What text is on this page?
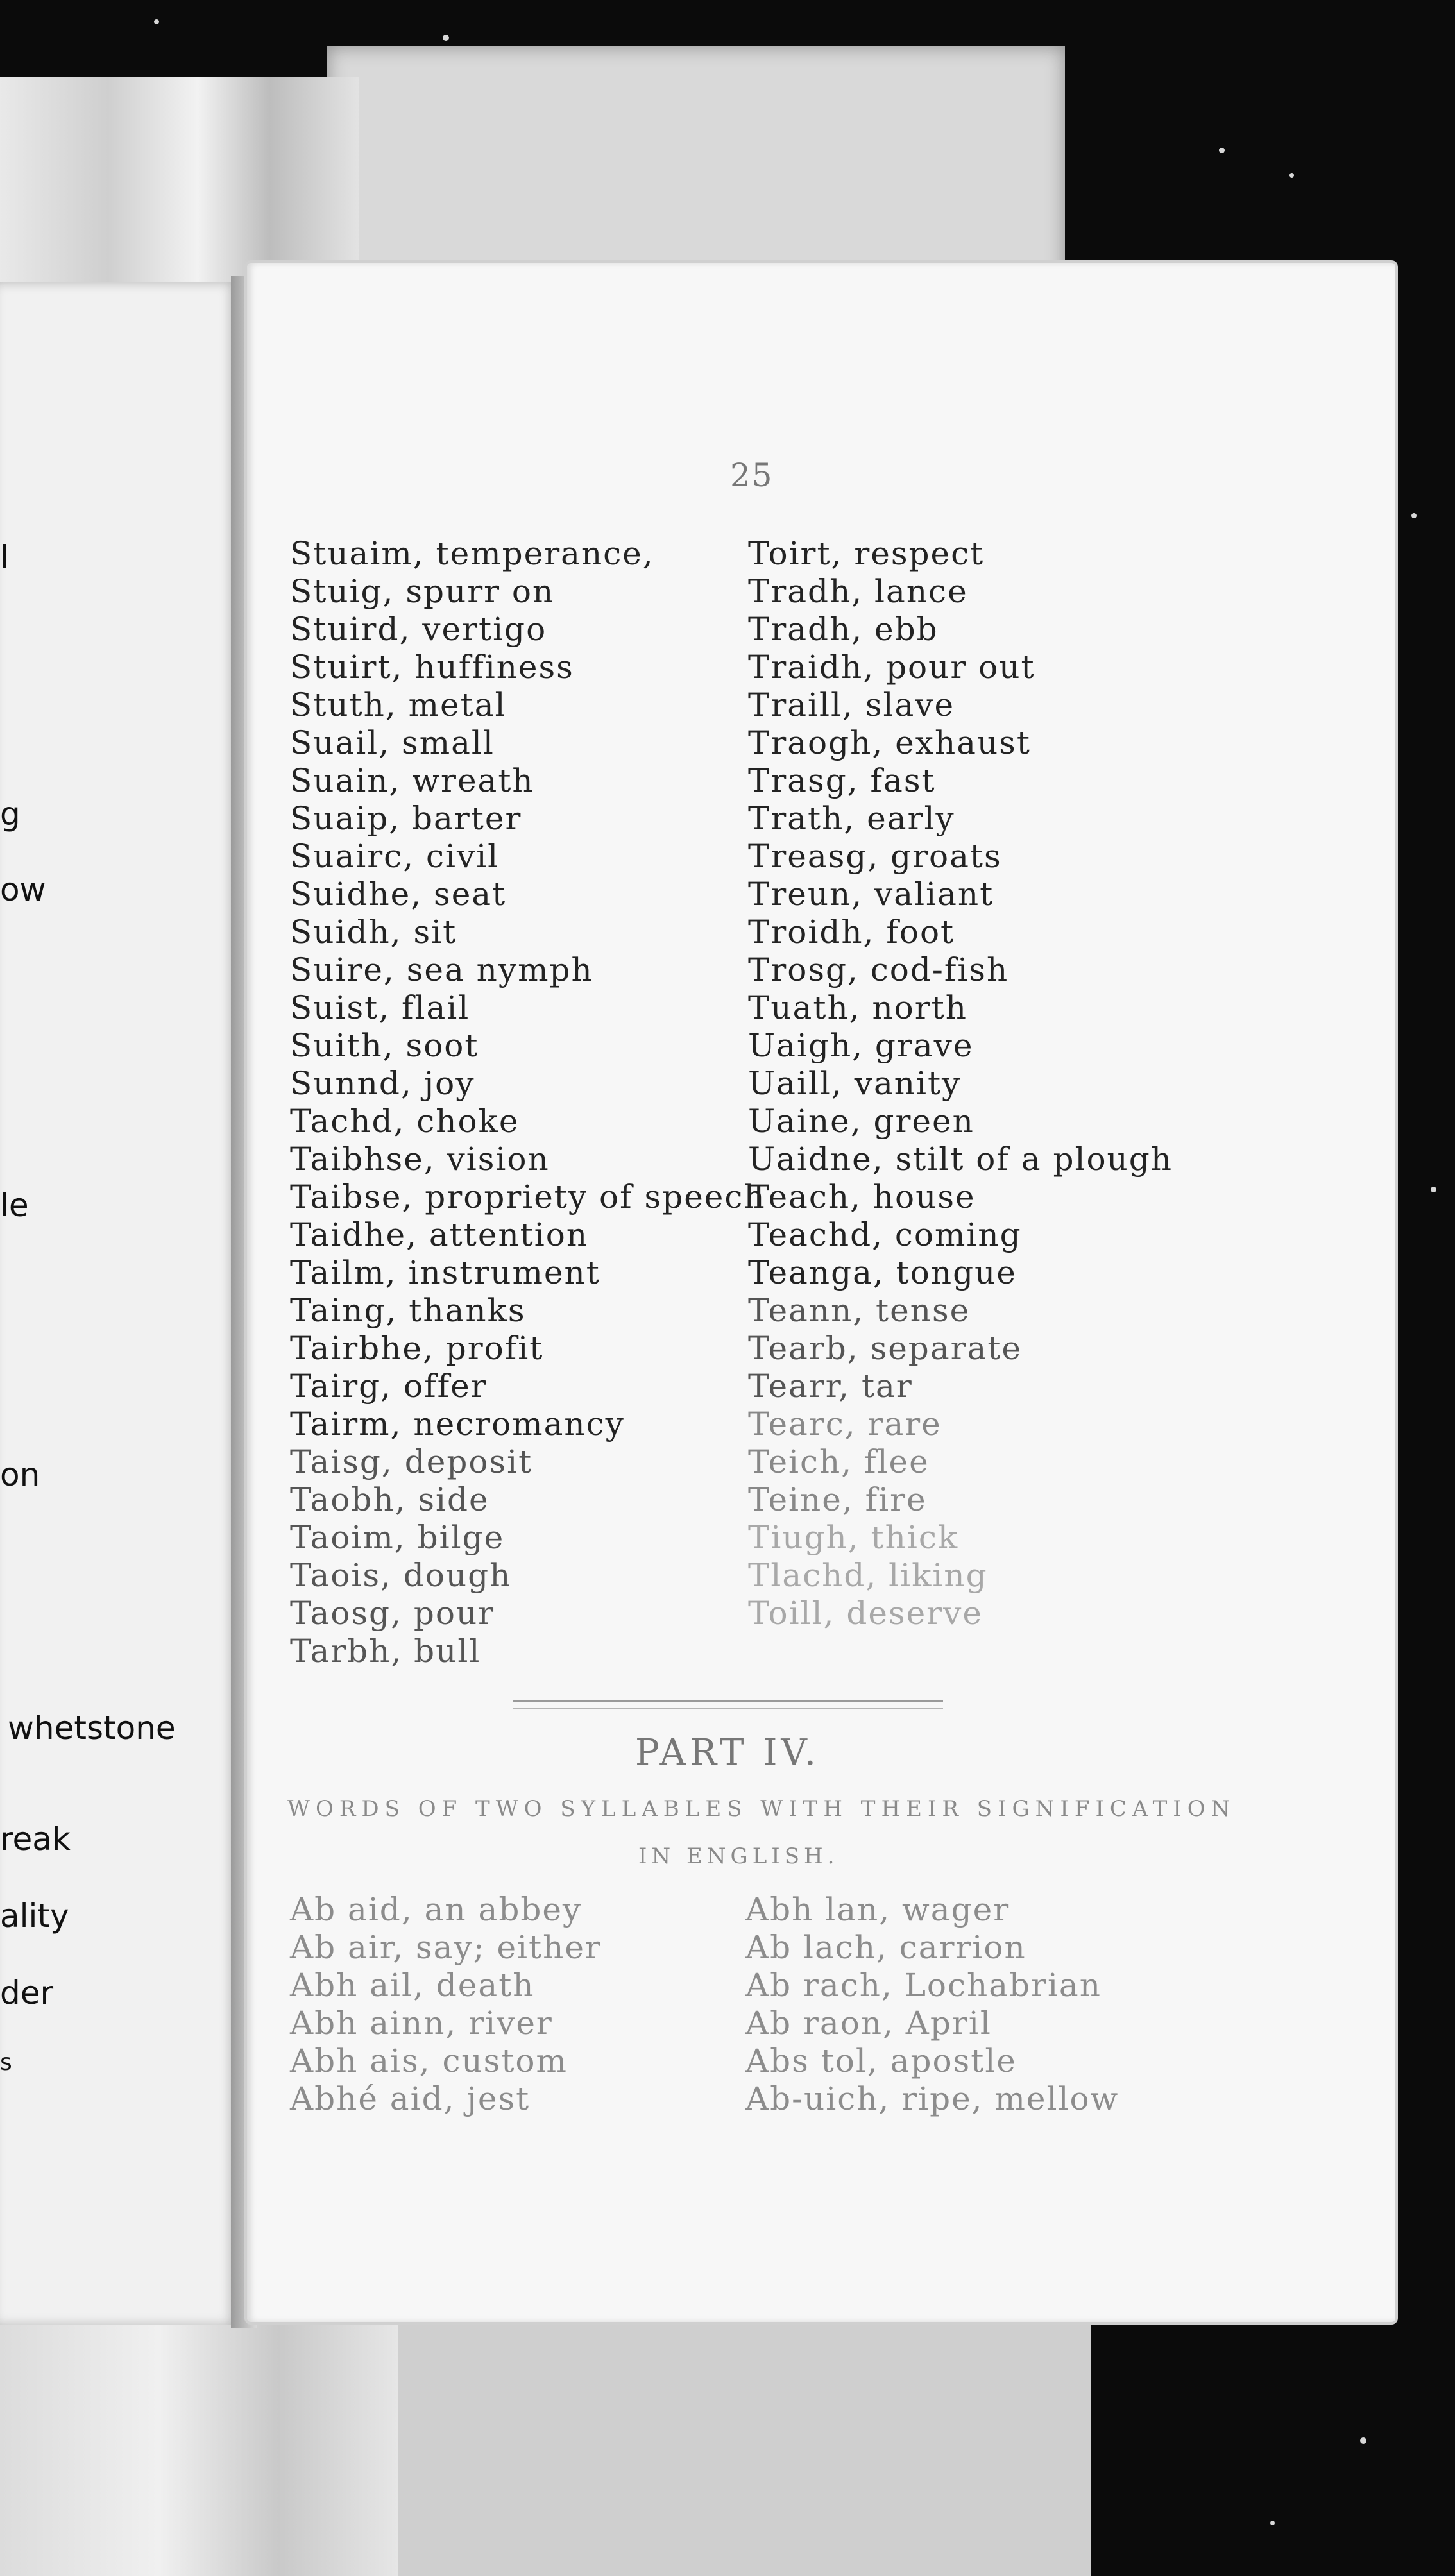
l
g
ow
le
on
whetstone
reak
ality
der
s
25
Stuaim, temperance,
Stuig, spurr on
Stuird, vertigo
Stuirt, huffiness
Stuth, metal
Suail, small
Suain, wreath
Suaip, barter
Suairc, civil
Suidhe, seat
Suidh, sit
Suire, sea nymph
Suist, flail
Suith, soot
Sunnd, joy
Tachd, choke
Taibhse, vision
Taibse, propriety of speech
Taidhe, attention
Tailm, instrument
Taing, thanks
Tairbhe, profit
Tairg, offer
Tairm, necromancy
Taisg, deposit
Taobh, side
Taoim, bilge
Taois, dough
Taosg, pour
Tarbh, bull
Toirt, respect
Tradh, lance
Tradh, ebb
Traidh, pour out
Traill, slave
Traogh, exhaust
Trasg, fast
Trath, early
Treasg, groats
Treun, valiant
Troidh, foot
Trosg, cod-fish
Tuath, north
Uaigh, grave
Uaill, vanity
Uaine, green
Uaidne, stilt of a plough
Teach, house
Teachd, coming
Teanga, tongue
Teann, tense
Tearb, separate
Tearr, tar
Tearc, rare
Teich, flee
Teine, fire
Tiugh, thick
Tlachd, liking
Toill, deserve
PART IV.
WORDS OF TWO SYLLABLES WITH THEIR SIGNIFICATION
IN ENGLISH.
Ab aid, an abbey
Ab air, say; either
Abh ail, death
Abh ainn, river
Abh ais, custom
Abhé aid, jest
Abh lan, wager
Ab lach, carrion
Ab rach, Lochabrian
Ab raon, April
Abs tol, apostle
Ab-uich, ripe, mellow
